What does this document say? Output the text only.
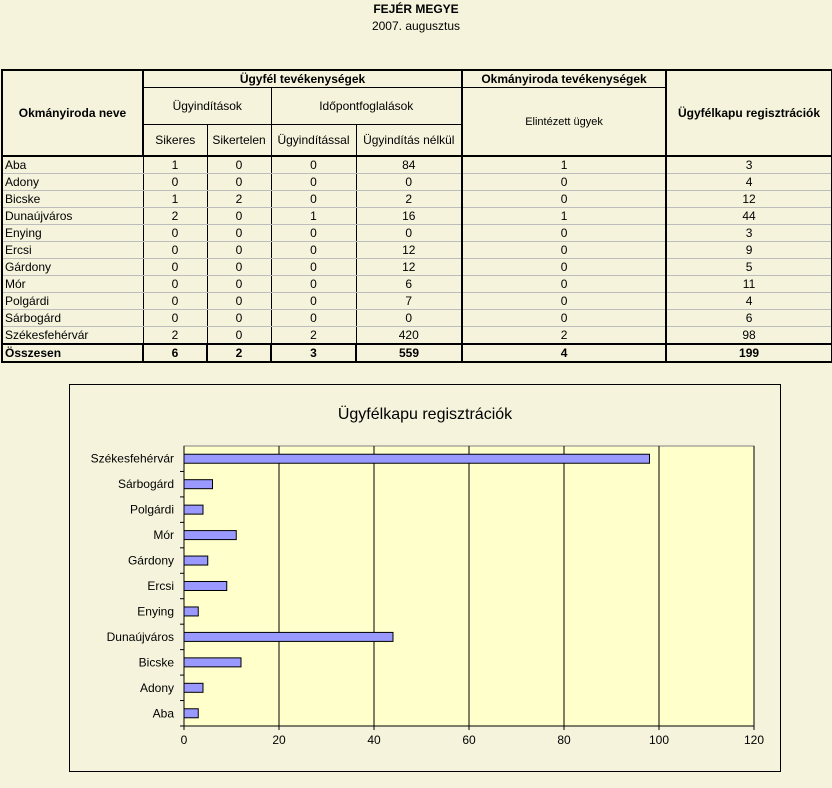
FEJÉR MEGYE
2007. augusztus
Okmányiroda neve	Ügyfél tevékenységek				Okmányiroda tevékenységek	Ügyfélkapu regisztrációk
	Ügyindítások		Időpontfoglalások		Elintézett ügyek	
	Sikeres	Sikertelen	Ügyindítással	Ügyindítás nélkül		
Aba	1	0	0	84	1	3
Adony	0	0	0	0	0	4
Bicske	1	2	0	2	0	12
Dunaújváros	2	0	1	16	1	44
Enying	0	0	0	0	0	3
Ercsi	0	0	0	12	0	9
Gárdony	0	0	0	12	0	5
Mór	0	0	0	6	0	11
Polgárdi	0	0	0	7	0	4
Sárbogárd	0	0	0	0	0	6
Székesfehérvár	2	0	2	420	2	98
Összesen	6	2	3	559	4	199
Ügyfélkapu regisztrációk
0	20	40	60	80	100	120
Aba
Adony
Bicske
Dunaújváros
Enying
Ercsi
Gárdony
Mór
Polgárdi
Sárbogárd
Székesfehérvár
